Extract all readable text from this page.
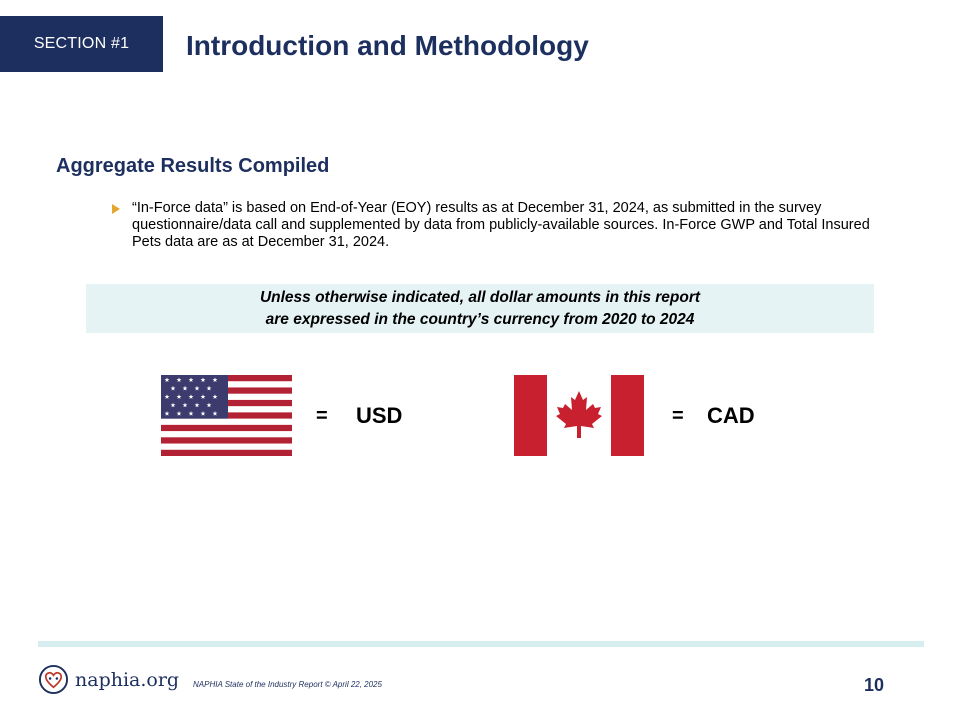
SECTION #1 Introduction and Methodology
Aggregate Results Compiled

“In-Force data” is based on End-of-Year (EOY) results as at December 31, 2024, as submitted in the survey questionnaire/data call and supplemented by data from publicly-available sources. In-Force GWP and Total Insured Pets data are as at December 31, 2024.

Unless otherwise indicated, all dollar amounts in this report
are expressed in the country’s currency from 2020 to 2024
= USD	= CAD
naphia.org NAPHIA State of the Industry Report © April 22, 2025	10
